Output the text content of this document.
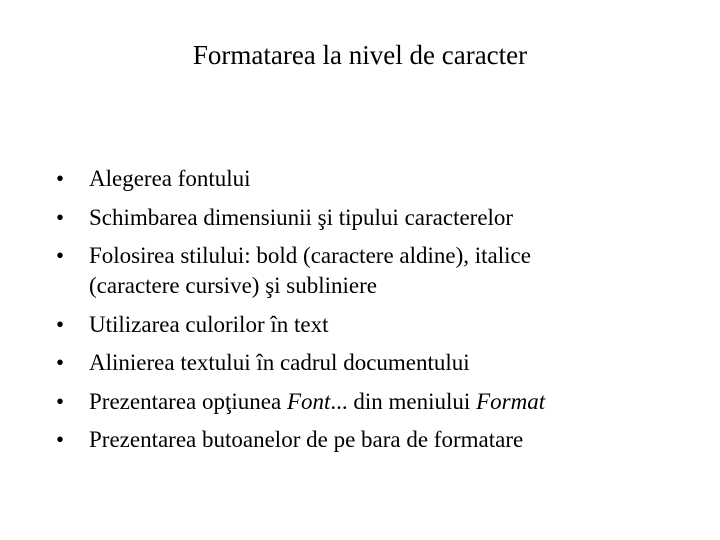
Formatarea la nivel de caracter
• Alegerea fontului
• Schimbarea dimensiunii şi tipului caracterelor
• Folosirea stilului: bold (caractere aldine), italice
(caractere cursive) şi subliniere
• Utilizarea culorilor în text
• Alinierea textului în cadrul documentului
• Prezentarea opţiunea Font... din meniului Format
• Prezentarea butoanelor de pe bara de formatare
